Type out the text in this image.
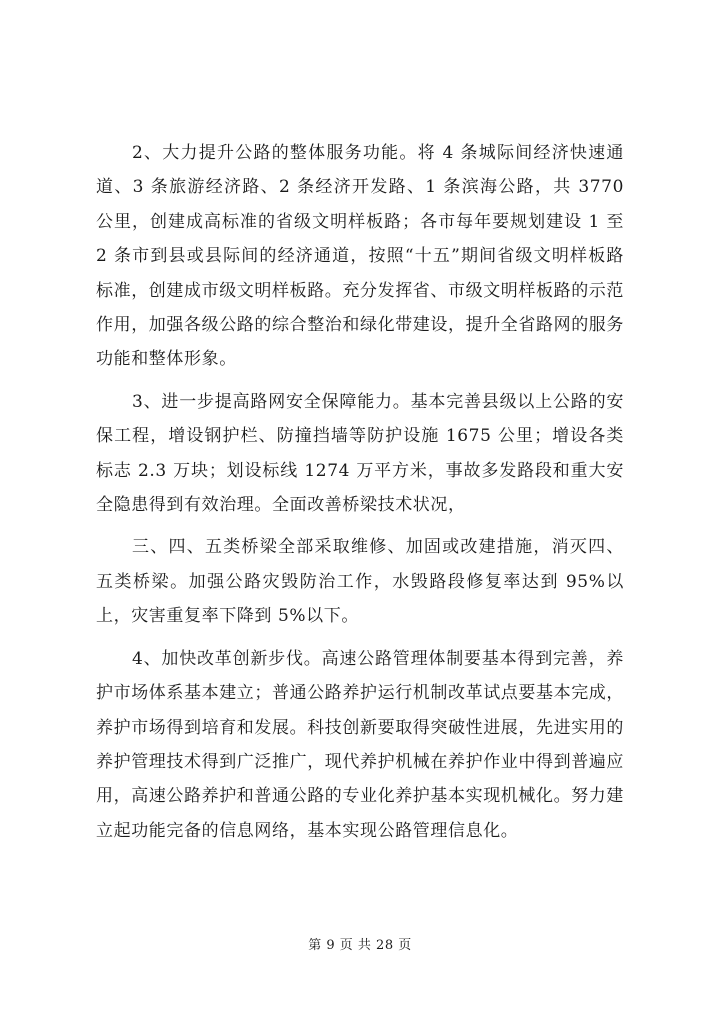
2、大力提升公路的整体服务功能。将 4 条城际间经济快速通道、3 条旅游经济路、2 条经济开发路、1 条滨海公路，共 3770 公里，创建成高标准的省级文明样板路；各市每年要规划建设 1 至 2 条市到县或县际间的经济通道，按照“十五”期间省级文明样板路标准，创建成市级文明样板路。充分发挥省、市级文明样板路的示范作用，加强各级公路的综合整治和绿化带建设，提升全省路网的服务功能和整体形象。

3、进一步提高路网安全保障能力。基本完善县级以上公路的安保工程，增设钢护栏、防撞挡墙等防护设施 1675 公里；增设各类标志 2.3 万块；划设标线 1274 万平方米，事故多发路段和重大安全隐患得到有效治理。全面改善桥梁技术状况，

三、四、五类桥梁全部采取维修、加固或改建措施，消灭四、五类桥梁。加强公路灾毁防治工作，水毁路段修复率达到 95%以上，灾害重复率下降到 5%以下。

4、加快改革创新步伐。高速公路管理体制要基本得到完善，养护市场体系基本建立；普通公路养护运行机制改革试点要基本完成，养护市场得到培育和发展。科技创新要取得突破性进展，先进实用的养护管理技术得到广泛推广，现代养护机械在养护作业中得到普遍应用，高速公路养护和普通公路的专业化养护基本实现机械化。努力建立起功能完备的信息网络，基本实现公路管理信息化。

第 9 页 共 28 页
